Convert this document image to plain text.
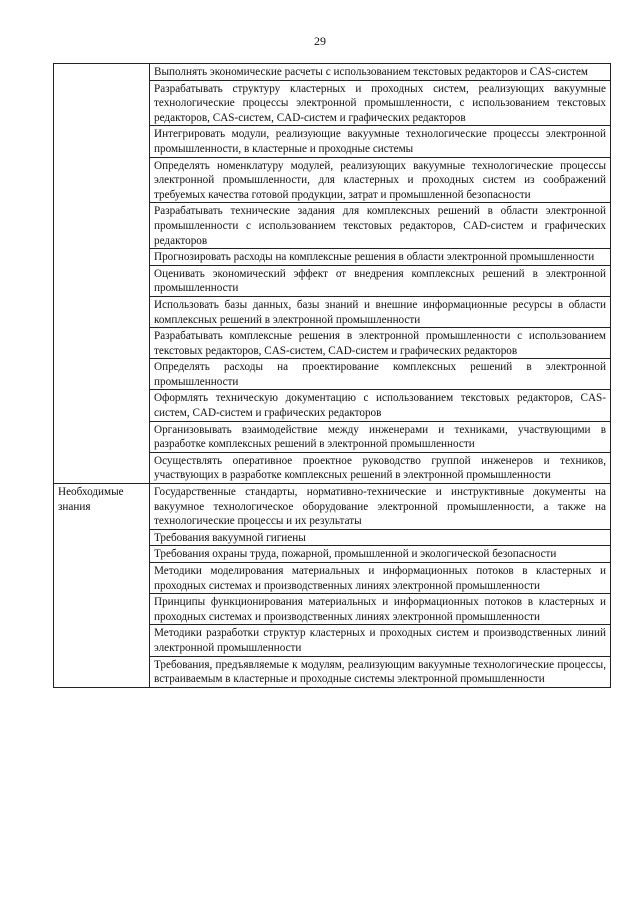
29

	Выполнять экономические расчеты с использованием текстовых редакторов и CAS-систем

	Разрабатывать структуру кластерных и проходных систем, реализующих вакуумные технологические процессы электронной промышленности, с использованием текстовых редакторов, CAS-систем, CAD-систем и графических редакторов

	Интегрировать модули, реализующие вакуумные технологические процессы электронной промышленности, в кластерные и проходные системы

	Определять номенклатуру модулей, реализующих вакуумные технологические процессы электронной промышленности, для кластерных и проходных систем из соображений требуемых качества готовой продукции, затрат и промышленной безопасности

	Разрабатывать технические задания для комплексных решений в области электронной промышленности с использованием текстовых редакторов, CAD-систем и графических редакторов

	Прогнозировать расходы на комплексные решения в области электронной промышленности

	Оценивать экономический эффект от внедрения комплексных решений в электронной промышленности

	Использовать базы данных, базы знаний и внешние информационные ресурсы в области комплексных решений в электронной промышленности

	Разрабатывать комплексные решения в электронной промышленности с использованием текстовых редакторов, CAS-систем, CAD-систем и графических редакторов

	Определять расходы на проектирование комплексных решений в электронной промышленности

	Оформлять техническую документацию с использованием текстовых редакторов, CAS-систем, CAD-систем и графических редакторов

	Организовывать взаимодействие между инженерами и техниками, участвующими в разработке комплексных решений в электронной промышленности

	Осуществлять оперативное проектное руководство группой инженеров и техников, участвующих в разработке комплексных решений в электронной промышленности

Необходимые знания	Государственные стандарты, нормативно-технические и инструктивные документы на вакуумное технологическое оборудование электронной промышленности, а также на технологические процессы и их результаты

	Требования вакуумной гигиены

	Требования охраны труда, пожарной, промышленной и экологической безопасности

	Методики моделирования материальных и информационных потоков в кластерных и проходных системах и производственных линиях электронной промышленности

	Принципы функционирования материальных и информационных потоков в кластерных и проходных системах и производственных линиях электронной промышленности

	Методики разработки структур кластерных и проходных систем и производственных линий электронной промышленности

	Требования, предъявляемые к модулям, реализующим вакуумные технологические процессы, встраиваемым в кластерные и проходные системы электронной промышленности
